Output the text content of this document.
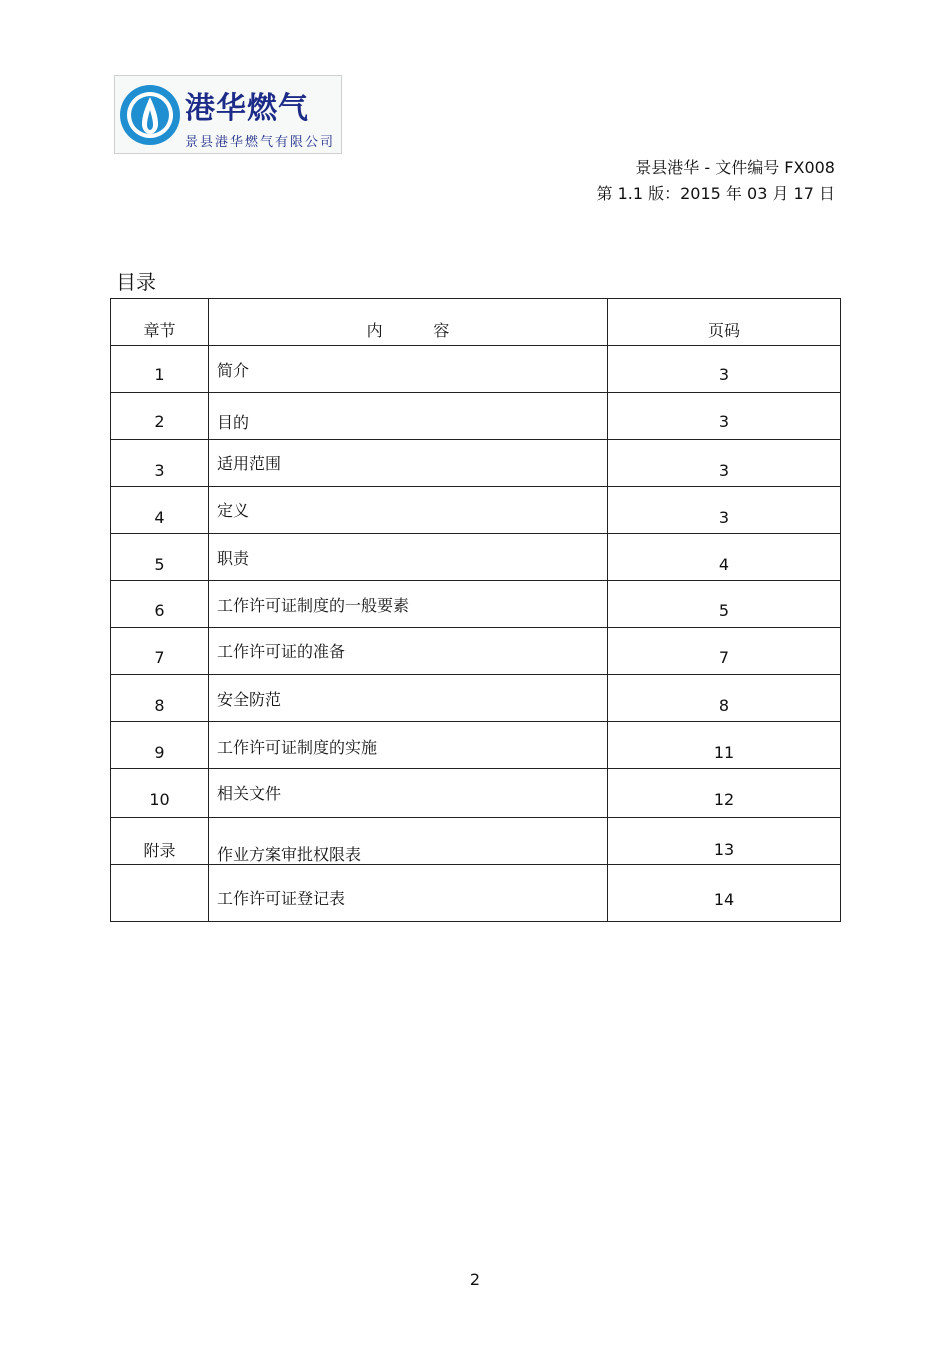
港华燃气
景县港华燃气有限公司
景县港华 - 文件编号 FX008
第 1.1 版：2015 年 03 月 17 日
目录
章节	内          容	页码

1	简介	3

2	目的	3

3	适用范围	3

4	定义	3

5	职责	4

6	工作许可证制度的一般要素	5

7	工作许可证的准备	7

8	安全防范	8

9	工作许可证制度的实施	11

10	相关文件	12

附录	作业方案审批权限表	13

	工作许可证登记表	14
2
